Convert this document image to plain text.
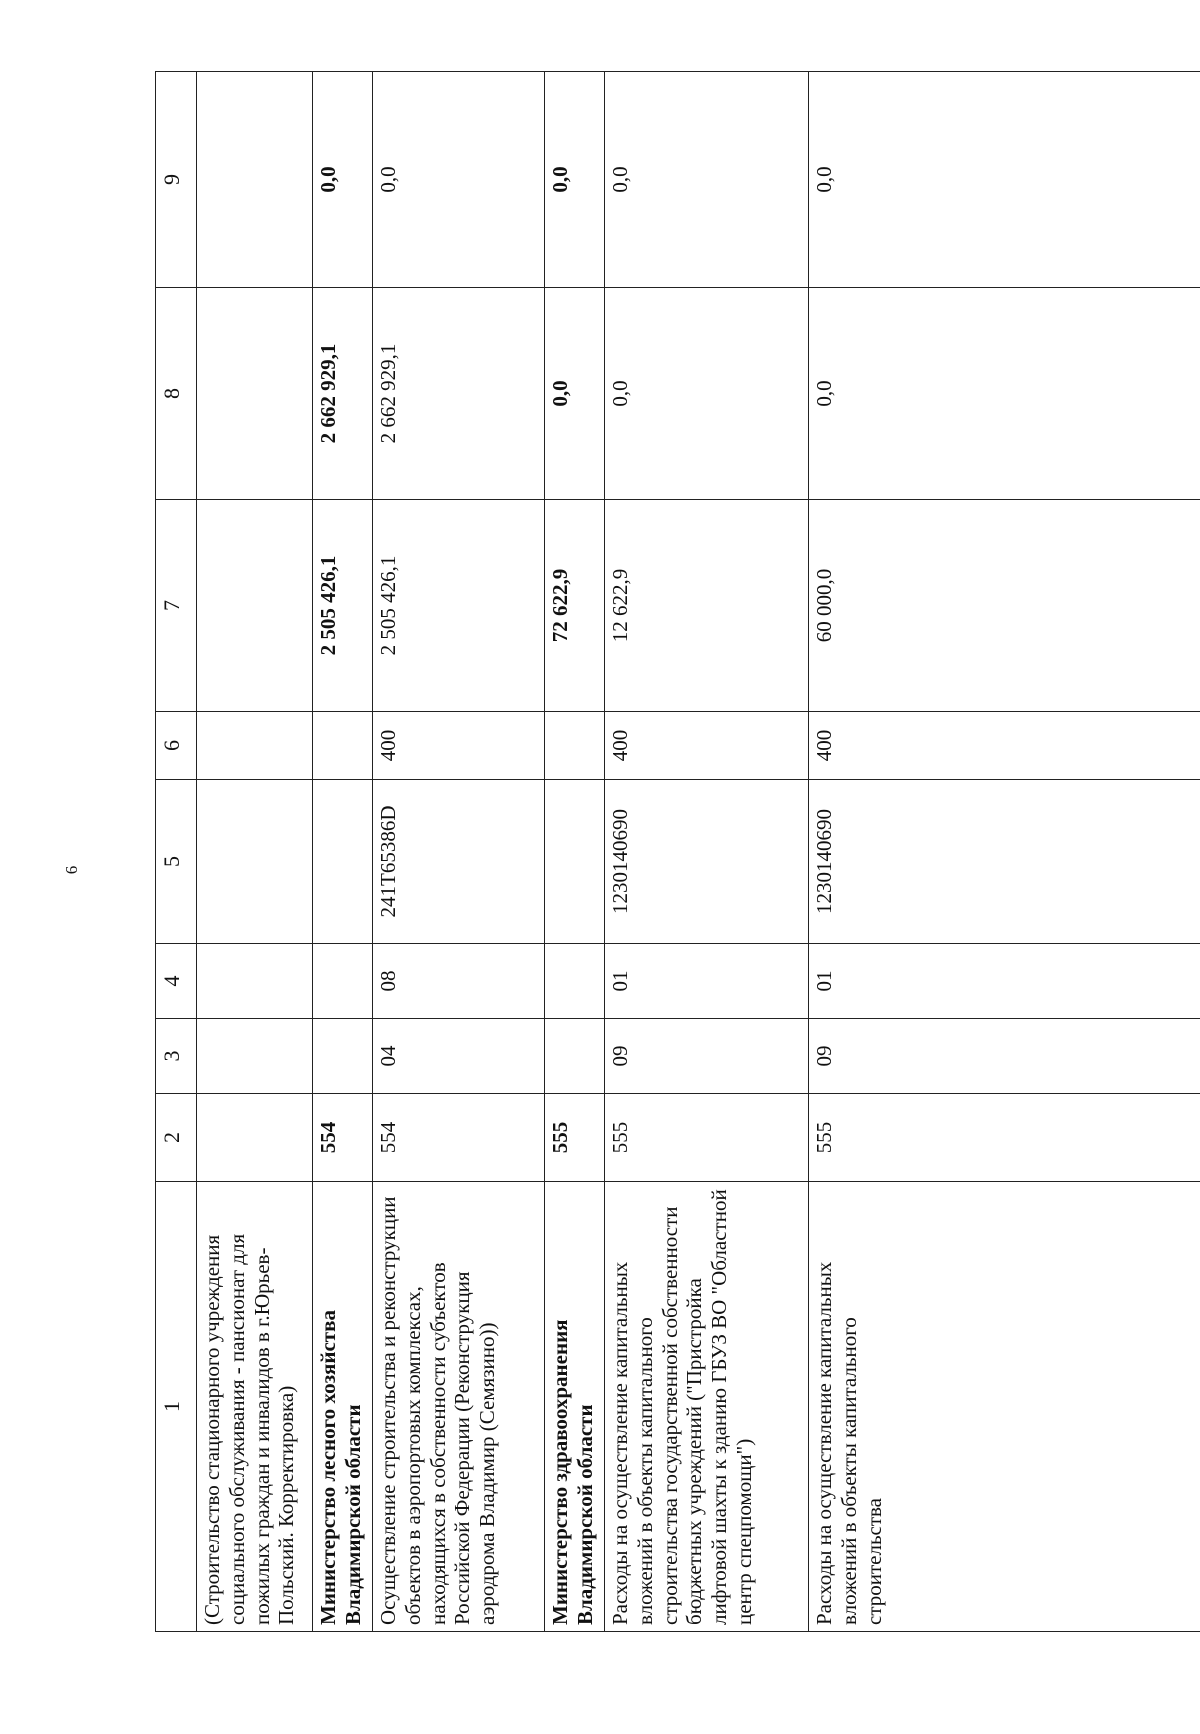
6
1	2	3	4	5	6	7	8	9
(Строительство стационарного учреждения социального обслуживания - пансионат для пожилых граждан и инвалидов в г.Юрьев-Польский. Корректировка)								
Министерство лесного хозяйства Владимирской области	554					2 505 426,1	2 662 929,1	0,0
Осуществление строительства и реконструкции объектов в аэропортовых комплексах, находящихся в собственности субъектов Российской Федерации (Реконструкция аэродрома Владимир (Семязино))	554	04	08	241T65386D	400	2 505 426,1	2 662 929,1	0,0
Министерство здравоохранения Владимирской области	555					72 622,9	0,0	0,0
Расходы на осуществление капитальных вложений в объекты капитального строительства государственной собственности бюджетных учреждений ("Пристройка лифтовой шахты к зданию ГБУЗ ВО "Областной центр спецпомощи")	555	09	01	1230140690	400	12 622,9	0,0	0,0
Расходы на осуществление капитальных вложений в объекты капитального строительства	555	09	01	1230140690	400	60 000,0	0,0	0,0
